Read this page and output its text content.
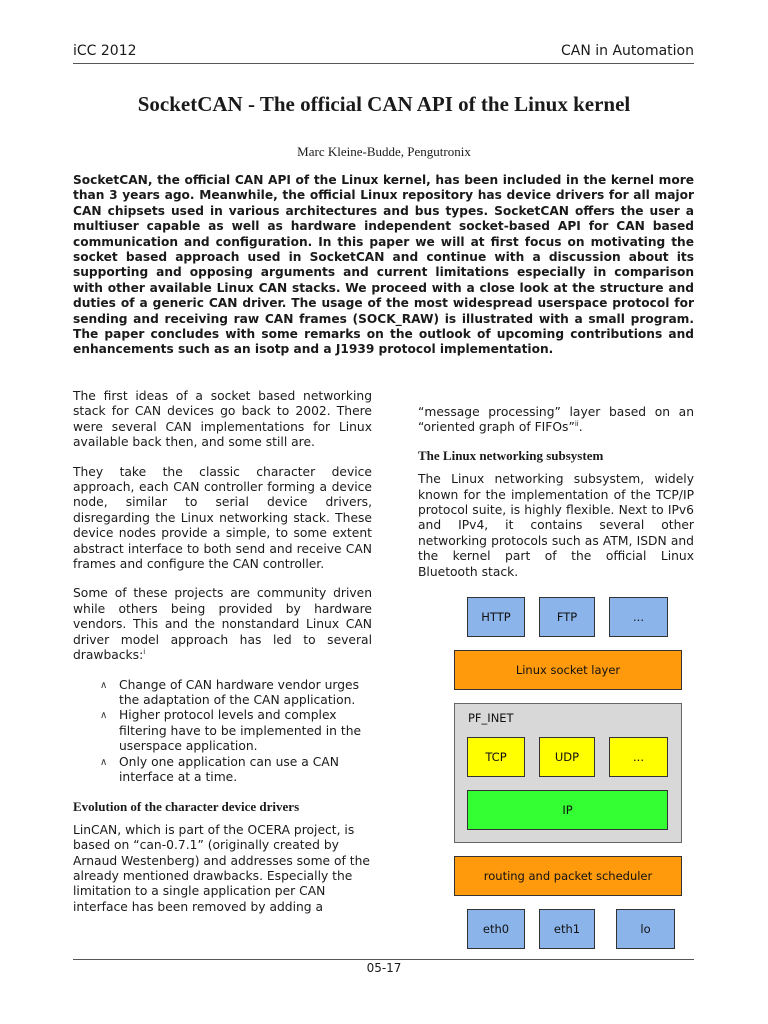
iCC 2012	CAN in Automation
SocketCAN - The official CAN API of the Linux kernel
Marc Kleine-Budde, Pengutronix
SocketCAN, the official CAN API of the Linux kernel, has been included in the kernel more than 3 years ago. Meanwhile, the official Linux repository has device drivers for all major CAN chipsets used in various architectures and bus types. SocketCAN offers the user a multiuser capable as well as hardware independent socket-based API for CAN based communication and configuration. In this paper we will at first focus on motivating the socket based approach used in SocketCAN and continue with a discussion about its supporting and opposing arguments and current limitations especially in comparison with other available Linux CAN stacks. We proceed with a close look at the structure and duties of a generic CAN driver. The usage of the most widespread userspace protocol for sending and receiving raw CAN frames (SOCK_RAW) is illustrated with a small program. The paper concludes with some remarks on the outlook of upcoming contributions and enhancements such as an isotp and a J1939 protocol implementation.

The first ideas of a socket based networking stack for CAN devices go back to 2002. There were several CAN implementations for Linux available back then, and some still are.

They take the classic character device approach, each CAN controller forming a device node, similar to serial device drivers, disregarding the Linux networking stack. These device nodes provide a simple, to some extent abstract interface to both send and receive CAN frames and configure the CAN controller.

Some of these projects are community driven while others being provided by hardware vendors. This and the nonstandard Linux CAN driver model approach has led to several drawbacks:$^i$

∧ Change of CAN hardware vendor urges the adaptation of the CAN application.
∧ Higher protocol levels and complex filtering have to be implemented in the userspace application.
∧ Only one application can use a CAN interface at a time.
Evolution of the character device drivers

LinCAN, which is part of the OCERA project, is based on “can-0.7.1” (originally created by Arnaud Westenberg) and addresses some of the already mentioned drawbacks. Especially the limitation to a single application per CAN interface has been removed by adding a

“message processing” layer based on an “oriented graph of FIFOs”$^{ii}$.

The Linux networking subsystem

The Linux networking subsystem, widely known for the implementation of the TCP/IP protocol suite, is highly flexible. Next to IPv6 and IPv4, it contains several other networking protocols such as ATM, ISDN and the kernel part of the official Linux Bluetooth stack.

HTTP	FTP	...
Linux socket layer
PF_INET
TCP	UDP	...
IP
routing and packet scheduler
eth0	eth1	lo
05-17
